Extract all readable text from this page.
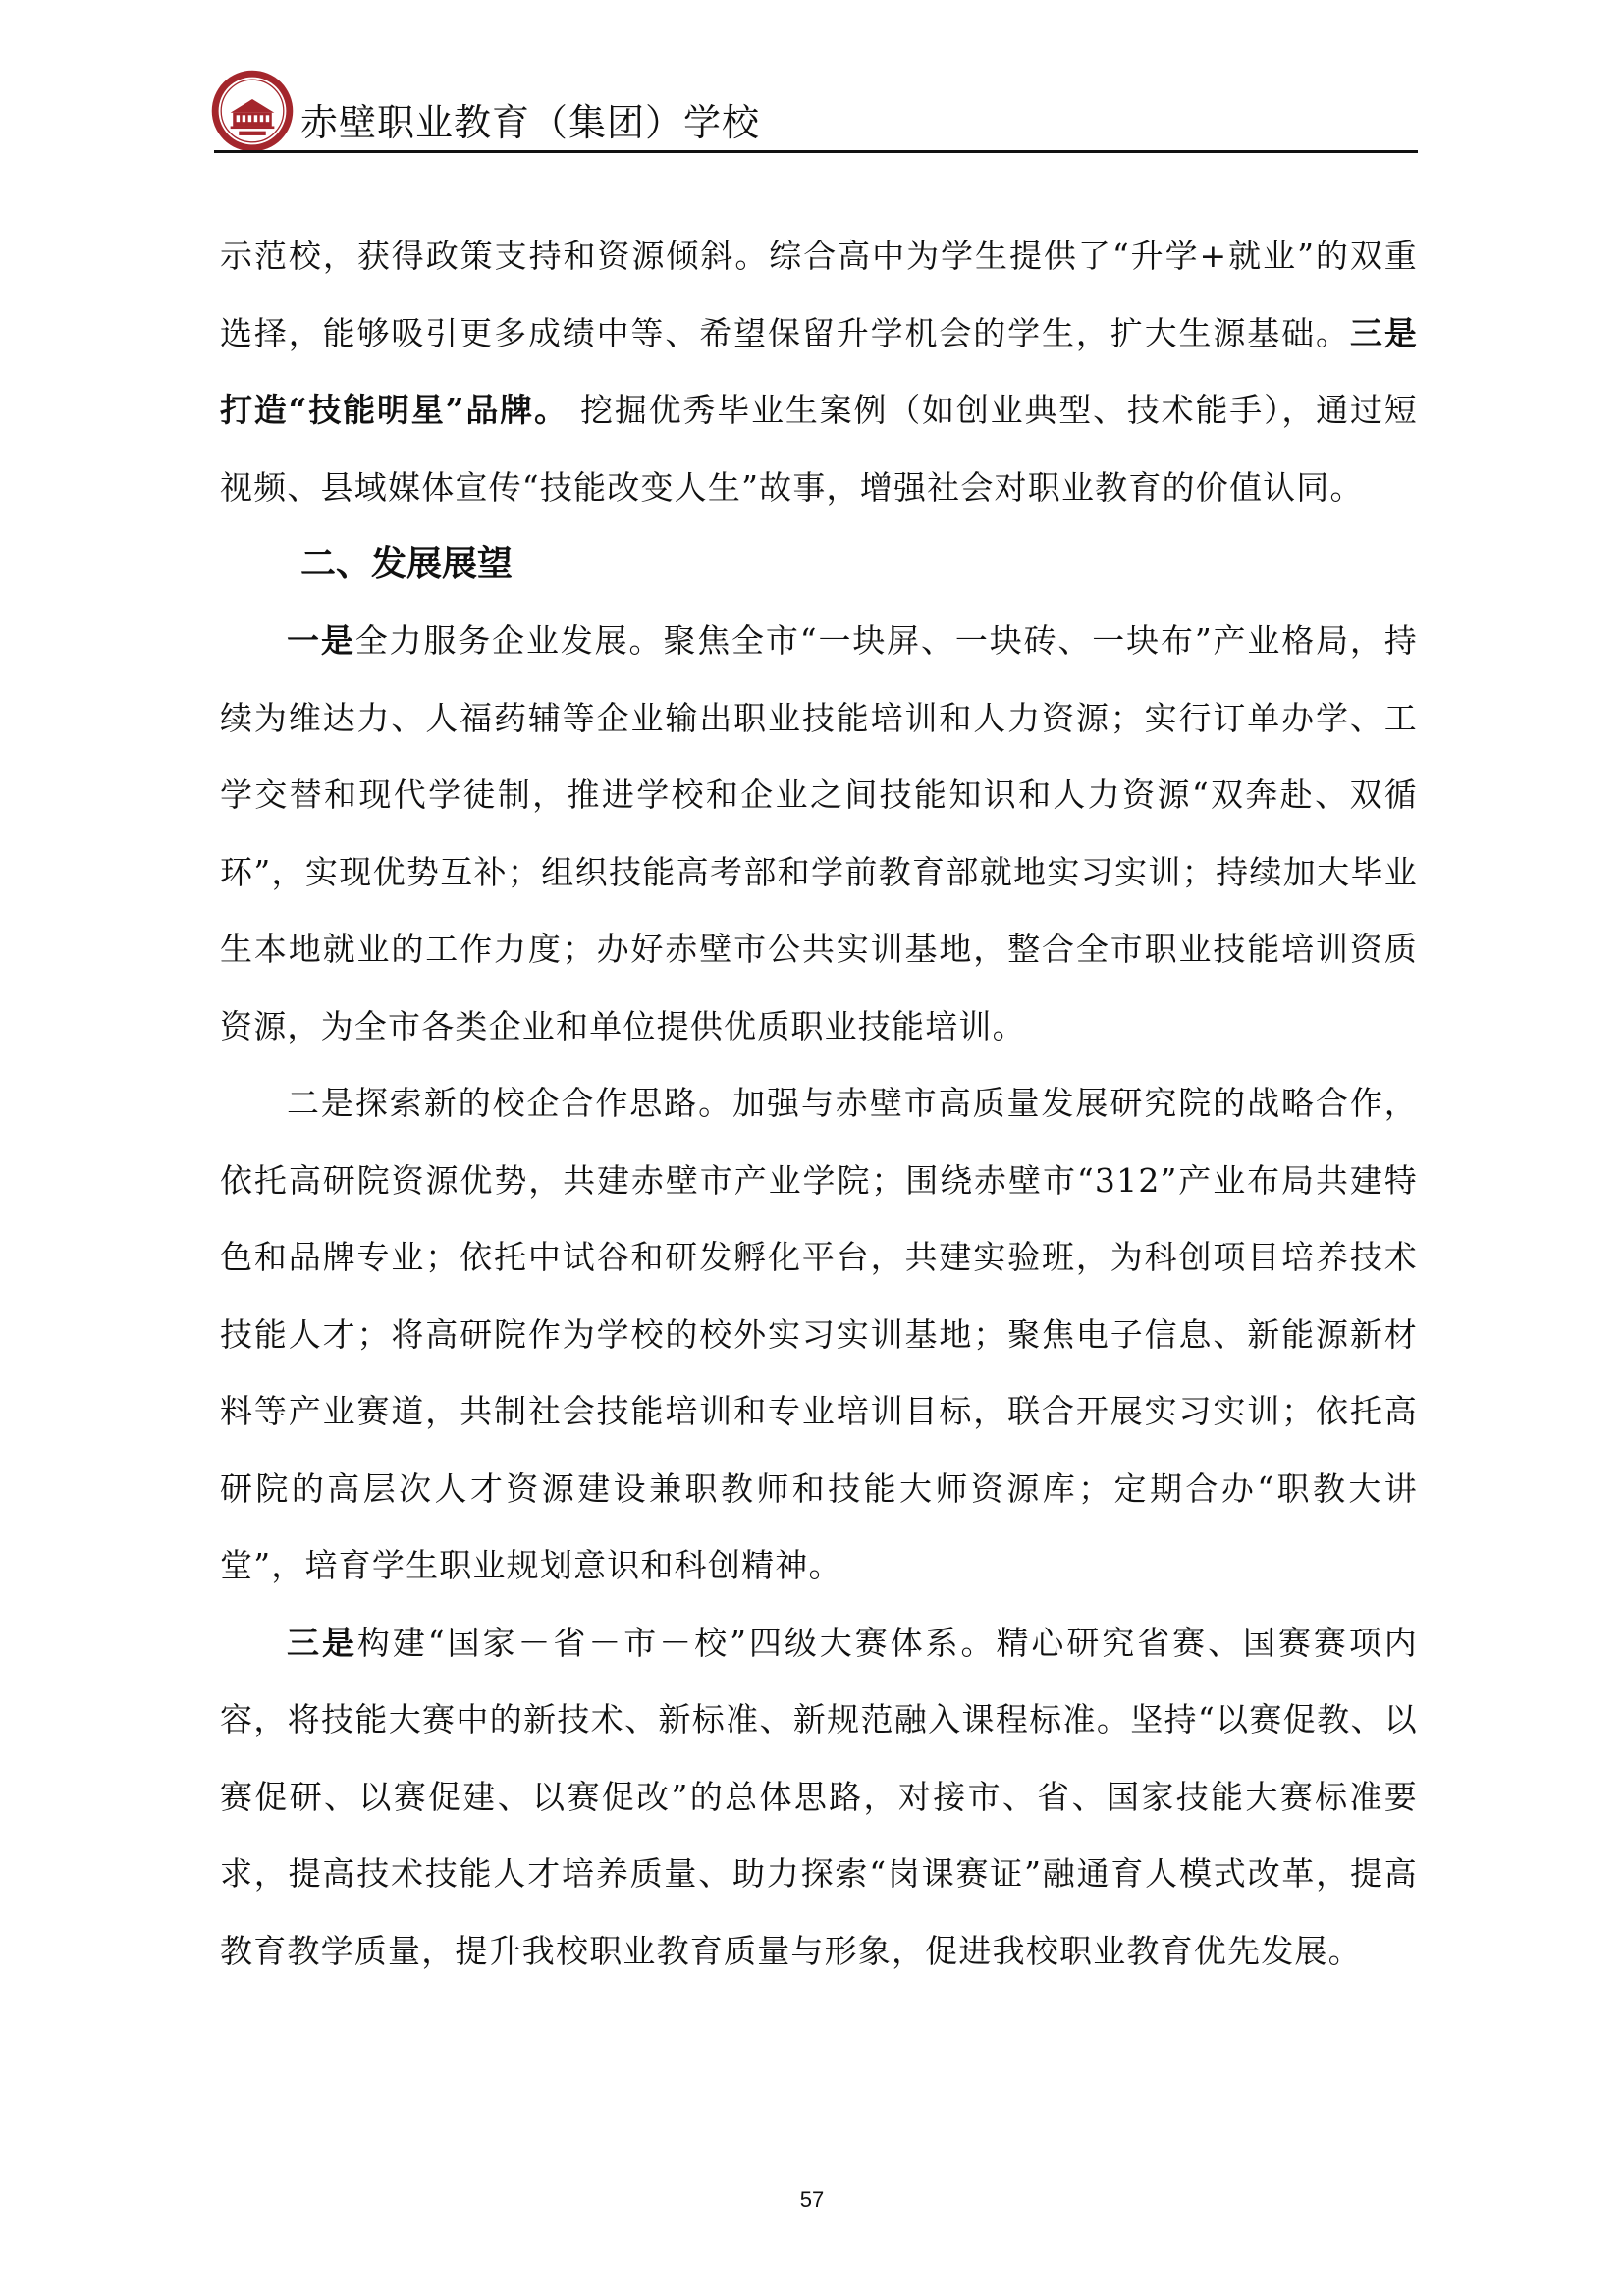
赤壁职业教育（集团）学校

示范校，获得政策支持和资源倾斜。综合高中为学生提供了“升学+就业”的双重选择，能够吸引更多成绩中等、希望保留升学机会的学生，扩大生源基础。三是打造“技能明星”品牌。 挖掘优秀毕业生案例（如创业典型、技术能手），通过短视频、县域媒体宣传“技能改变人生”故事，增强社会对职业教育的价值认同。

二、发展展望

一是全力服务企业发展。聚焦全市“一块屏、一块砖、一块布”产业格局，持续为维达力、人福药辅等企业输出职业技能培训和人力资源；实行订单办学、工学交替和现代学徒制，推进学校和企业之间技能知识和人力资源“双奔赴、双循环”，实现优势互补；组织技能高考部和学前教育部就地实习实训；持续加大毕业生本地就业的工作力度；办好赤壁市公共实训基地，整合全市职业技能培训资质资源，为全市各类企业和单位提供优质职业技能培训。

二是探索新的校企合作思路。加强与赤壁市高质量发展研究院的战略合作，依托高研院资源优势，共建赤壁市产业学院；围绕赤壁市“312”产业布局共建特色和品牌专业；依托中试谷和研发孵化平台，共建实验班，为科创项目培养技术技能人才；将高研院作为学校的校外实习实训基地；聚焦电子信息、新能源新材料等产业赛道，共制社会技能培训和专业培训目标，联合开展实习实训；依托高研院的高层次人才资源建设兼职教师和技能大师资源库；定期合办“职教大讲堂”，培育学生职业规划意识和科创精神。

三是构建“国家－省－市－校”四级大赛体系。精心研究省赛、国赛赛项内容，将技能大赛中的新技术、新标准、新规范融入课程标准。坚持“以赛促教、以赛促研、以赛促建、以赛促改”的总体思路，对接市、省、国家技能大赛标准要求，提高技术技能人才培养质量、助力探索“岗课赛证”融通育人模式改革，提高教育教学质量，提升我校职业教育质量与形象，促进我校职业教育优先发展。

57
